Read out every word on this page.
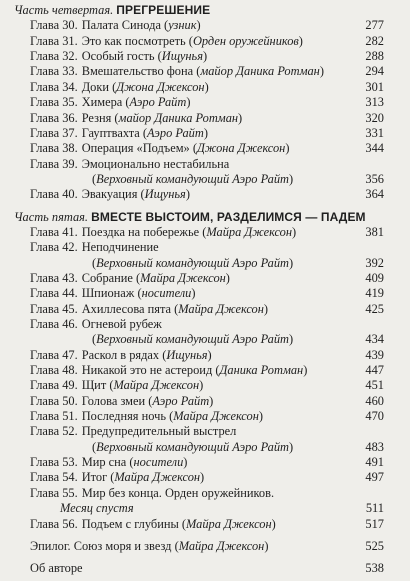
Часть четвертая. ПРЕГРЕШЕНИЕ
Глава 30. Палата Синода (узник)	277
Глава 31. Это как посмотреть (Орден оружейников)	282
Глава 32. Особый гость (Ищунья)	288
Глава 33. Вмешательство фона (майор Даника Ротман)	294
Глава 34. Доки (Джона Джексон)	301
Глава 35. Химера (Аэро Райт)	313
Глава 36. Резня (майор Даника Ротман)	320
Глава 37. Гауптвахта (Аэро Райт)	331
Глава 38. Операция «Подъем» (Джона Джексон)	344
Глава 39. Эмоционально нестабильна
(Верховный командующий Аэро Райт)	356
Глава 40. Эвакуация (Ищунья)	364
Часть пятая. ВМЕСТЕ ВЫСТОИМ, РАЗДЕЛИМСЯ — ПАДЕМ
Глава 41. Поездка на побережье (Майра Джексон)	381
Глава 42. Неподчинение
(Верховный командующий Аэро Райт)	392
Глава 43. Собрание (Майра Джексон)	409
Глава 44. Шпионаж (носители)	419
Глава 45. Ахиллесова пята (Майра Джексон)	425
Глава 46. Огневой рубеж
(Верховный командующий Аэро Райт)	434
Глава 47. Раскол в рядах (Ищунья)	439
Глава 48. Никакой это не астероид (Даника Ротман)	447
Глава 49. Щит (Майра Джексон)	451
Глава 50. Голова змеи (Аэро Райт)	460
Глава 51. Последняя ночь (Майра Джексон)	470
Глава 52. Предупредительный выстрел
(Верховный командующий Аэро Райт)	483
Глава 53. Мир сна (носители)	491
Глава 54. Итог (Майра Джексон)	497
Глава 55. Мир без конца. Орден оружейников.
Месяц спустя	511
Глава 56. Подъем с глубины (Майра Джексон)	517
Эпилог. Союз моря и звезд (Майра Джексон)	525
Об авторе	538
